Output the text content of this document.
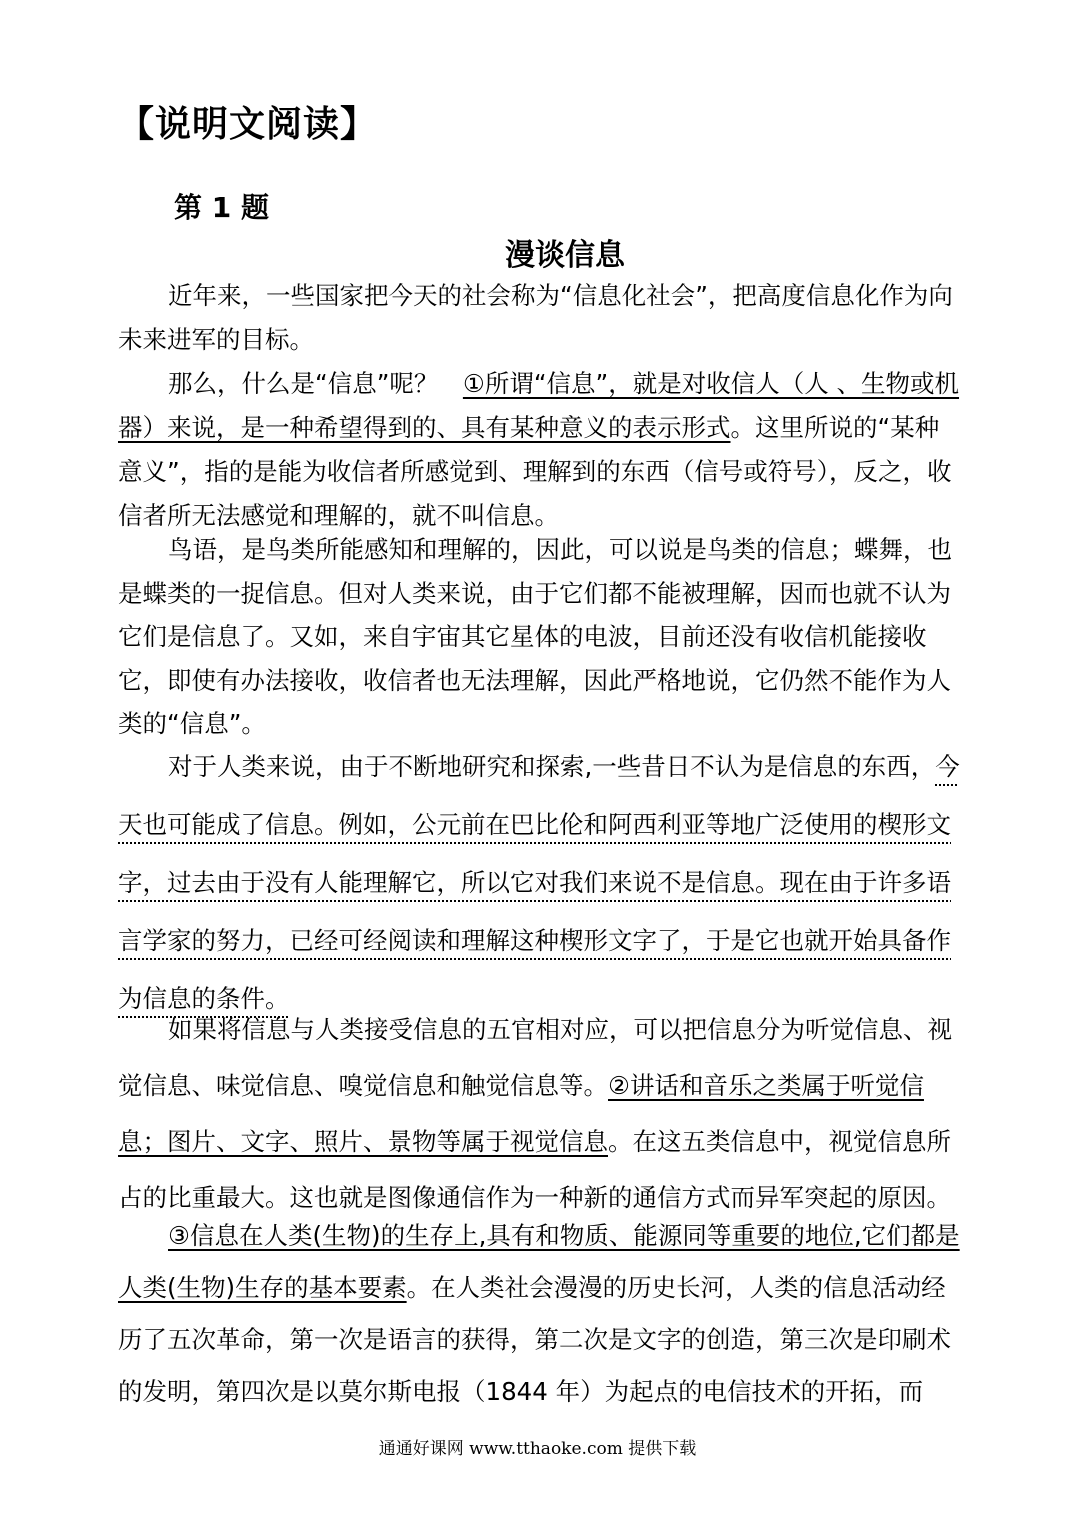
【说明文阅读】
第 1 题
漫谈信息

近年来，一些国家把今天的社会称为“信息化社会”，把高度信息化作为向未来进军的目标。

那么，什么是“信息”呢？　①所谓“信息”，就是对收信人（人 、生物或机器）来说，是一种希望得到的、具有某种意义的表示形式。这里所说的“某种意义”，指的是能为收信者所感觉到、理解到的东西（信号或符号），反之，收信者所无法感觉和理解的，就不叫信息。

鸟语，是鸟类所能感知和理解的，因此，可以说是鸟类的信息；蝶舞，也是蝶类的一捉信息。但对人类来说，由于它们都不能被理解，因而也就不认为它们是信息了。又如，来自宇宙其它星体的电波，目前还没有收信机能接收它，即使有办法接收，收信者也无法理解，因此严格地说，它仍然不能作为人类的“信息”。

对于人类来说，由于不断地研究和探索,一些昔日不认为是信息的东西，今天也可能成了信息。例如，公元前在巴比伦和阿西利亚等地广泛使用的楔形文字，过去由于没有人能理解它，所以它对我们来说不是信息。现在由于许多语言学家的努力，已经可经阅读和理解这种楔形文字了，于是它也就开始具备作为信息的条件。

如果将信息与人类接受信息的五官相对应，可以把信息分为听觉信息、视觉信息、味觉信息、嗅觉信息和触觉信息等。②讲话和音乐之类属于听觉信息；图片、文字、照片、景物等属于视觉信息。在这五类信息中，视觉信息所占的比重最大。这也就是图像通信作为一种新的通信方式而异军突起的原因。

③信息在人类(生物)的生存上,具有和物质、能源同等重要的地位,它们都是人类(生物)生存的基本要素。在人类社会漫漫的历史长河，人类的信息活动经历了五次革命，第一次是语言的获得，第二次是文字的创造，第三次是印刷术的发明，第四次是以莫尔斯电报（1844 年）为起点的电信技术的开拓，而

通通好课网 www.tthaoke.com 提供下载
